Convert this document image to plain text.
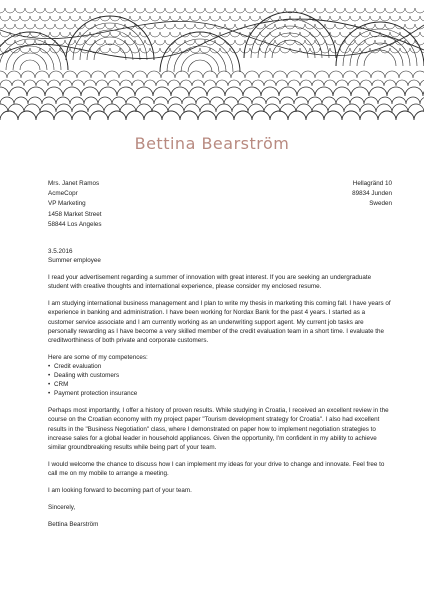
Bettina Bearström
Mrs. Janet Ramos
AcmeCopr
VP Marketing
1458 Market Street
58844 Los Angeles
Hellagränd 10
89834 Junden
Sweden

3.5.2016

Summer employee

I read your advertisement regarding a summer of innovation with great interest. If you are seeking an undergraduate student with creative thoughts and international experience, please consider my enclosed resume.

I am studying international business management and I plan to write my thesis in marketing this coming fall. I have years of experience in banking and administration. I have been working for Nordax Bank for the past 4 years. I started as a customer service associate and I am currently working as an underwriting support agent. My current job tasks are personally rewarding as I have become a very skilled member of the credit evaluation team in a short time. I evaluate the creditworthiness of both private and corporate customers.

Here are some of my competences:

• Credit evaluation
• Dealing with customers
• CRM
• Payment protection insurance

Perhaps most importantly, I offer a history of proven results. While studying in Croatia, I received an excellent review in the course on the Croatian economy with my project paper "Tourism development strategy for Croatia". I also had excellent results in the "Business Negotiation" class, where I demonstrated on paper how to implement negotiation strategies to increase sales for a global leader in household appliances. Given the opportunity, I'm confident in my ability to achieve similar groundbreaking results while being part of your team.

I would welcome the chance to discuss how I can implement my ideas for your drive to change and innovate. Feel free to call me on my mobile to arrange a meeting.

I am looking forward to becoming part of your team.

Sincerely,

Bettina Bearström
